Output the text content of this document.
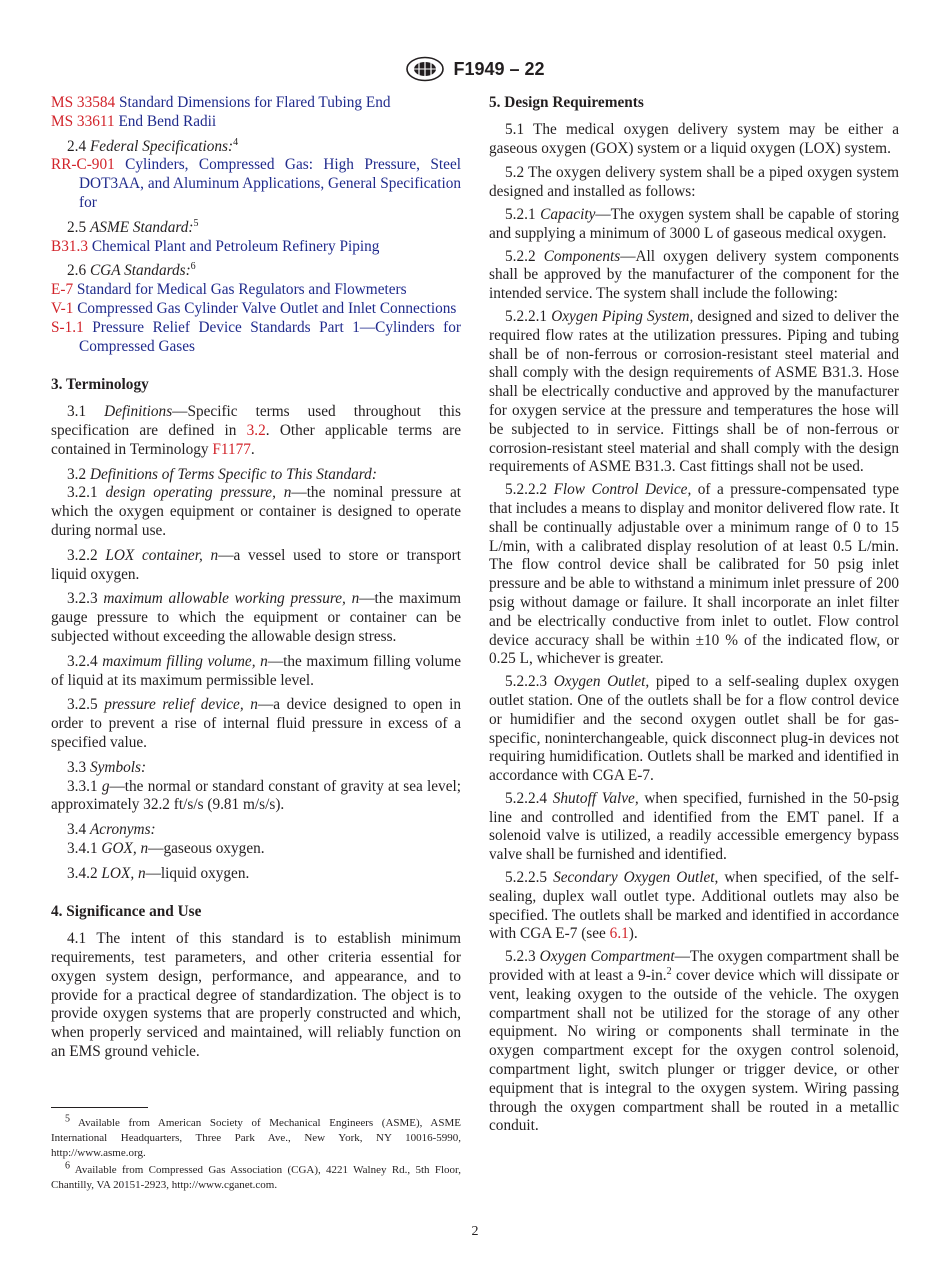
F1949 – 22

MS 33584 Standard Dimensions for Flared Tubing End

MS 33611 End Bend Radii

2.4 Federal Specifications:$^4$

RR-C-901 Cylinders, Compressed Gas: High Pressure, Steel DOT3AA, and Aluminum Applications, General Specification for

2.5 ASME Standard:$^5$

B31.3 Chemical Plant and Petroleum Refinery Piping

2.6 CGA Standards:$^6$

E-7 Standard for Medical Gas Regulators and Flowmeters

V-1 Compressed Gas Cylinder Valve Outlet and Inlet Connections

S-1.1 Pressure Relief Device Standards Part 1—Cylinders for Compressed Gases

3. Terminology

3.1 Definitions—Specific terms used throughout this specification are defined in 3.2. Other applicable terms are contained in Terminology F1177.

3.2 Definitions of Terms Specific to This Standard:

3.2.1 design operating pressure, n—the nominal pressure at which the oxygen equipment or container is designed to operate during normal use.

3.2.2 LOX container, n—a vessel used to store or transport liquid oxygen.

3.2.3 maximum allowable working pressure, n—the maximum gauge pressure to which the equipment or container can be subjected without exceeding the allowable design stress.

3.2.4 maximum filling volume, n—the maximum filling volume of liquid at its maximum permissible level.

3.2.5 pressure relief device, n—a device designed to open in order to prevent a rise of internal fluid pressure in excess of a specified value.

3.3 Symbols:

3.3.1 g—the normal or standard constant of gravity at sea level; approximately 32.2 ft/s/s (9.81 m/s/s).

3.4 Acronyms:

3.4.1 GOX, n—gaseous oxygen.

3.4.2 LOX, n—liquid oxygen.

4. Significance and Use

4.1 The intent of this standard is to establish minimum requirements, test parameters, and other criteria essential for oxygen system design, performance, and appearance, and to provide for a practical degree of standardization. The object is to provide oxygen systems that are properly constructed and which, when properly serviced and maintained, will reliably function on an EMS ground vehicle.

5. Design Requirements

5.1 The medical oxygen delivery system may be either a gaseous oxygen (GOX) system or a liquid oxygen (LOX) system.

5.2 The oxygen delivery system shall be a piped oxygen system designed and installed as follows:

5.2.1 Capacity—The oxygen system shall be capable of storing and supplying a minimum of 3000 L of gaseous medical oxygen.

5.2.2 Components—All oxygen delivery system components shall be approved by the manufacturer of the component for the intended service. The system shall include the following:

5.2.2.1 Oxygen Piping System, designed and sized to deliver the required flow rates at the utilization pressures. Piping and tubing shall be of non-ferrous or corrosion-resistant steel material and shall comply with the design requirements of ASME B31.3. Hose shall be electrically conductive and approved by the manufacturer for oxygen service at the pressure and temperatures the hose will be subjected to in service. Fittings shall be of non-ferrous or corrosion-resistant steel material and shall comply with the design requirements of ASME B31.3. Cast fittings shall not be used.

5.2.2.2 Flow Control Device, of a pressure-compensated type that includes a means to display and monitor delivered flow rate. It shall be continually adjustable over a minimum range of 0 to 15 L/min, with a calibrated display resolution of at least 0.5 L/min. The flow control device shall be calibrated for 50 psig inlet pressure and be able to withstand a minimum inlet pressure of 200 psig without damage or failure. It shall incorporate an inlet filter and be electrically conductive from inlet to outlet. Flow control device accuracy shall be within ±10 % of the indicated flow, or 0.25 L, whichever is greater.

5.2.2.3 Oxygen Outlet, piped to a self-sealing duplex oxygen outlet station. One of the outlets shall be for a flow control device or humidifier and the second oxygen outlet shall be for gas-specific, noninterchangeable, quick disconnect plug-in devices not requiring humidification. Outlets shall be marked and identified in accordance with CGA E-7.

5.2.2.4 Shutoff Valve, when specified, furnished in the 50-psig line and controlled and identified from the EMT panel. If a solenoid valve is utilized, a readily accessible emergency bypass valve shall be furnished and identified.

5.2.2.5 Secondary Oxygen Outlet, when specified, of the self-sealing, duplex wall outlet type. Additional outlets may also be specified. The outlets shall be marked and identified in accordance with CGA E-7 (see 6.1).

5.2.3 Oxygen Compartment—The oxygen compartment shall be provided with at least a 9-in.$^2$ cover device which will dissipate or vent, leaking oxygen to the outside of the vehicle. The oxygen compartment shall not be utilized for the storage of any other equipment. No wiring or components shall terminate in the oxygen compartment except for the oxygen control solenoid, compartment light, switch plunger or trigger device, or other equipment that is integral to the oxygen system. Wiring passing through the oxygen compartment shall be routed in a metallic conduit.

$^5$ Available from American Society of Mechanical Engineers (ASME), ASME International Headquarters, Three Park Ave., New York, NY 10016-5990, http://www.asme.org.

$^6$ Available from Compressed Gas Association (CGA), 4221 Walney Rd., 5th Floor, Chantilly, VA 20151-2923, http://www.cganet.com.

2
